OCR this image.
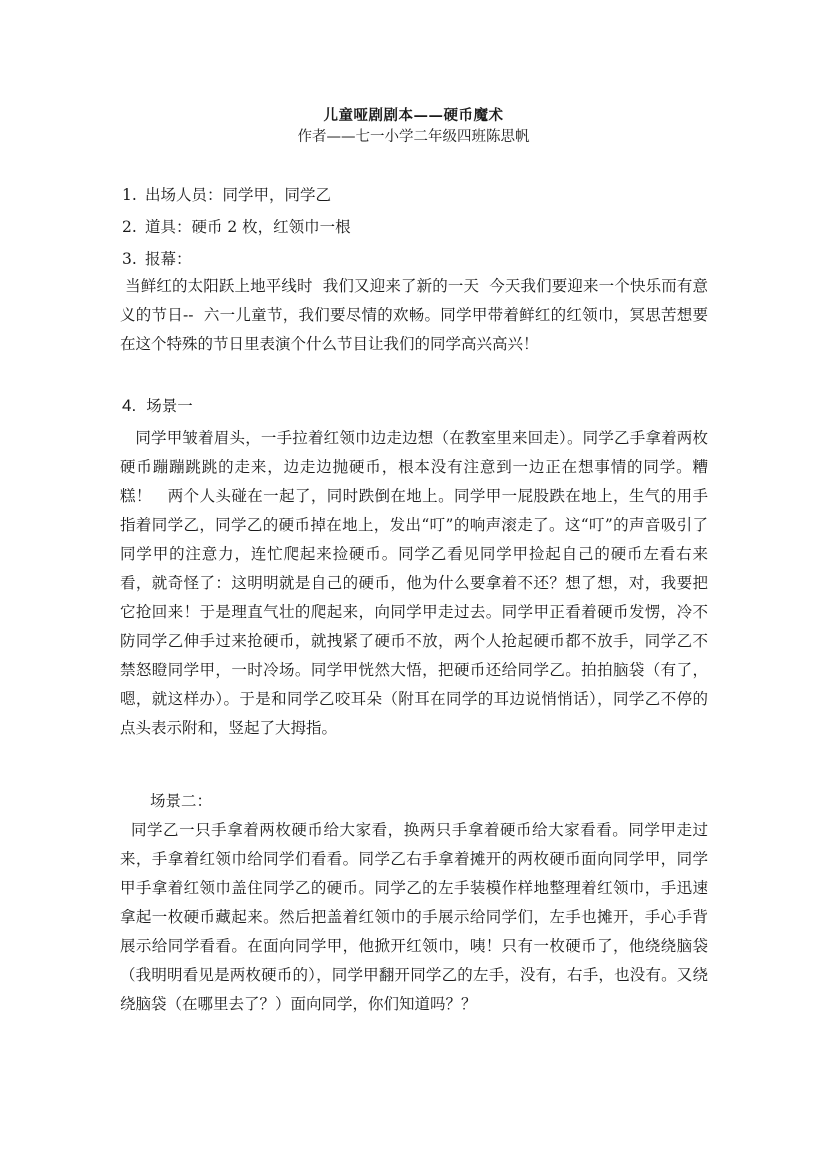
儿童哑剧剧本——硬币魔术
作者——七一小学二年级四班陈思帆
1. 出场人员：同学甲，同学乙
2. 道具：硬币 2 枚，红领巾一根
3. 报幕：
当鲜红的太阳跃上地平线时  我们又迎来了新的一天  今天我们要迎来一个快乐而有意义的节日--  六一儿童节，我们要尽情的欢畅。同学甲带着鲜红的红领巾，冥思苦想要在这个特殊的节日里表演个什么节目让我们的同学高兴高兴！
4. 场景一
同学甲皱着眉头，一手拉着红领巾边走边想（在教室里来回走）。同学乙手拿着两枚硬币蹦蹦跳跳的走来，边走边抛硬币，根本没有注意到一边正在想事情的同学。糟糕！   两个人头碰在一起了，同时跌倒在地上。同学甲一屁股跌在地上，生气的用手指着同学乙，同学乙的硬币掉在地上，发出“叮”的响声滚走了。这“叮”的声音吸引了同学甲的注意力，连忙爬起来捡硬币。同学乙看见同学甲捡起自己的硬币左看右来看，就奇怪了：这明明就是自己的硬币，他为什么要拿着不还？想了想，对，我要把它抢回来！于是理直气壮的爬起来，向同学甲走过去。同学甲正看着硬币发愣，冷不防同学乙伸手过来抢硬币，就拽紧了硬币不放，两个人抢起硬币都不放手，同学乙不禁怒瞪同学甲，一时冷场。同学甲恍然大悟，把硬币还给同学乙。拍拍脑袋（有了，嗯，就这样办）。于是和同学乙咬耳朵（附耳在同学的耳边说悄悄话），同学乙不停的点头表示附和，竖起了大拇指。
场景二：
同学乙一只手拿着两枚硬币给大家看，换两只手拿着硬币给大家看看。同学甲走过来，手拿着红领巾给同学们看看。同学乙右手拿着摊开的两枚硬币面向同学甲，同学甲手拿着红领巾盖住同学乙的硬币。同学乙的左手装模作样地整理着红领巾，手迅速拿起一枚硬币藏起来。然后把盖着红领巾的手展示给同学们，左手也摊开，手心手背展示给同学看看。在面向同学甲，他掀开红领巾，咦！只有一枚硬币了，他绕绕脑袋（我明明看见是两枚硬币的），同学甲翻开同学乙的左手，没有，右手，也没有。又绕绕脑袋（在哪里去了？）面向同学，你们知道吗？？
